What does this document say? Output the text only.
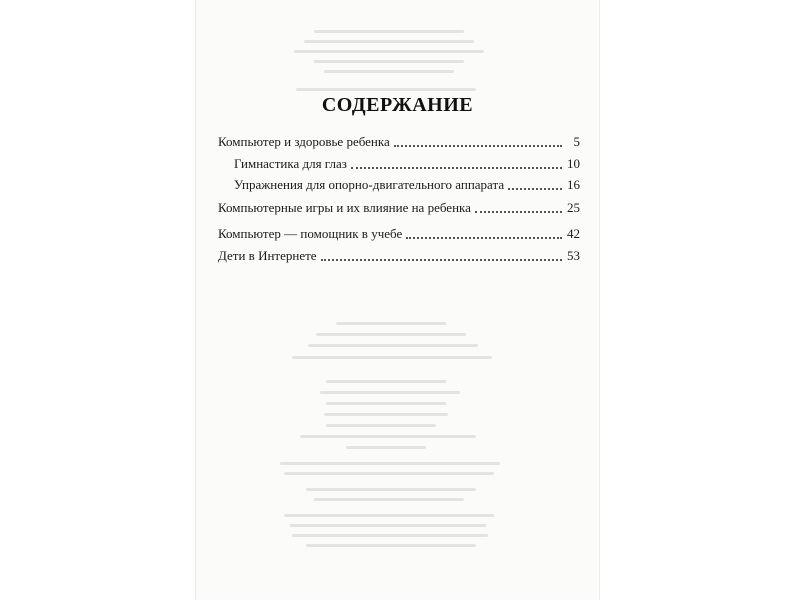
СОДЕРЖАНИЕ
Компьютер и здоровье ребенка	5
Гимнастика для глаз	10
Упражнения для опорно-двигательного аппарата	16
Компьютерные игры и их влияние на ребенка	25
Компьютер — помощник в учебе	42
Дети в Интернете	53
